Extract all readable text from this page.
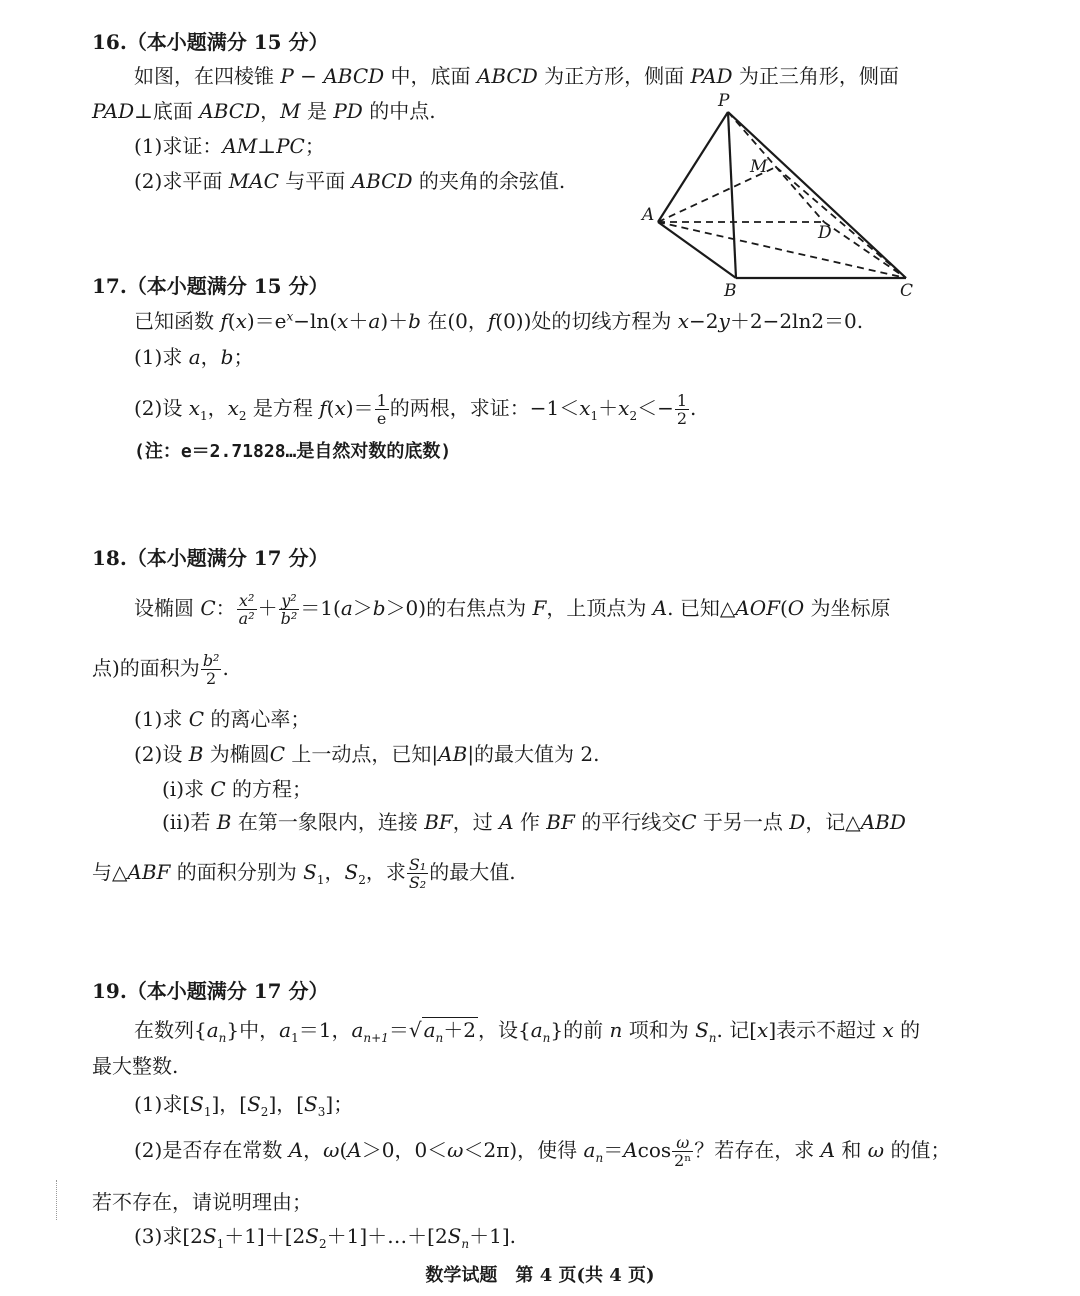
16.（本小题满分 15 分）
如图，在四棱锥 P − ABCD 中，底面 ABCD 为正方形，侧面 PAD 为正三角形，侧面
PAD⊥底面 ABCD，M 是 PD 的中点.
(1)求证：AM⊥PC；
(2)求平面 MAC 与平面 ABCD 的夹角的余弦值.
P
M
A
D
B	C
17.（本小题满分 15 分）
已知函数 $f(x)=e^x-\ln(x+a)+b$ 在(0，f(0))处的切线方程为 x−2y＋2−2ln2＝0.
(1)求 a，b；
(2)设 $x_1$，$x_2$ 是方程 $f(x)= \frac{1}{e}$ 的两根，求证：$-1<x_1+x_2<- \frac{1}{2}$ .
(注：e＝2.71828…是自然对数的底数)
18.（本小题满分 17 分）
设椭圆 C： $\frac{\text{x²}}{\text{a²}} + \frac{\text{y²}}{\text{b²}} =1(a>b>0)$的右焦点为 F，上顶点为 A. 已知△AOF(O 为坐标原
点)的面积为 $\frac{\text{b²}}{2}$ .
(1)求 C 的离心率；
(2)设 B 为椭圆C 上一动点，已知|AB|的最大值为 2.
(i)求 C 的方程；
(ii)若 B 在第一象限内，连接 BF，过 A 作 BF 的平行线交C 于另一点 D，记△ABD
与△ABF 的面积分别为 $S_1$，$S_2$，求 $\frac{\text{S₁}}{\text{S₂}}$ 的最大值.
19.（本小题满分 17 分）
在数列$\{a_n\}$中，$a_1=1$，$a_{n+1}=√$ $a_n+2$ ，设$\{a_n\}$的前 n 项和为 $S_n$. 记[x]表示不超过 x 的
最大整数.
(1)求$[S_1]$，$[S_2]$，$[S_3]$；
(2)是否存在常数 A，ω(A＞0，0＜ω＜2π)，使得 $a_n=Acos \frac{\omega}{\text{2ⁿ}}$ ？若存在，求 A 和 ω 的值；
若不存在，请说明理由；
(3)求$[2S_1+1]+[2S_2+1]+\dots+[2S_n+1]$.
数学试题　第 4 页(共 4 页)
